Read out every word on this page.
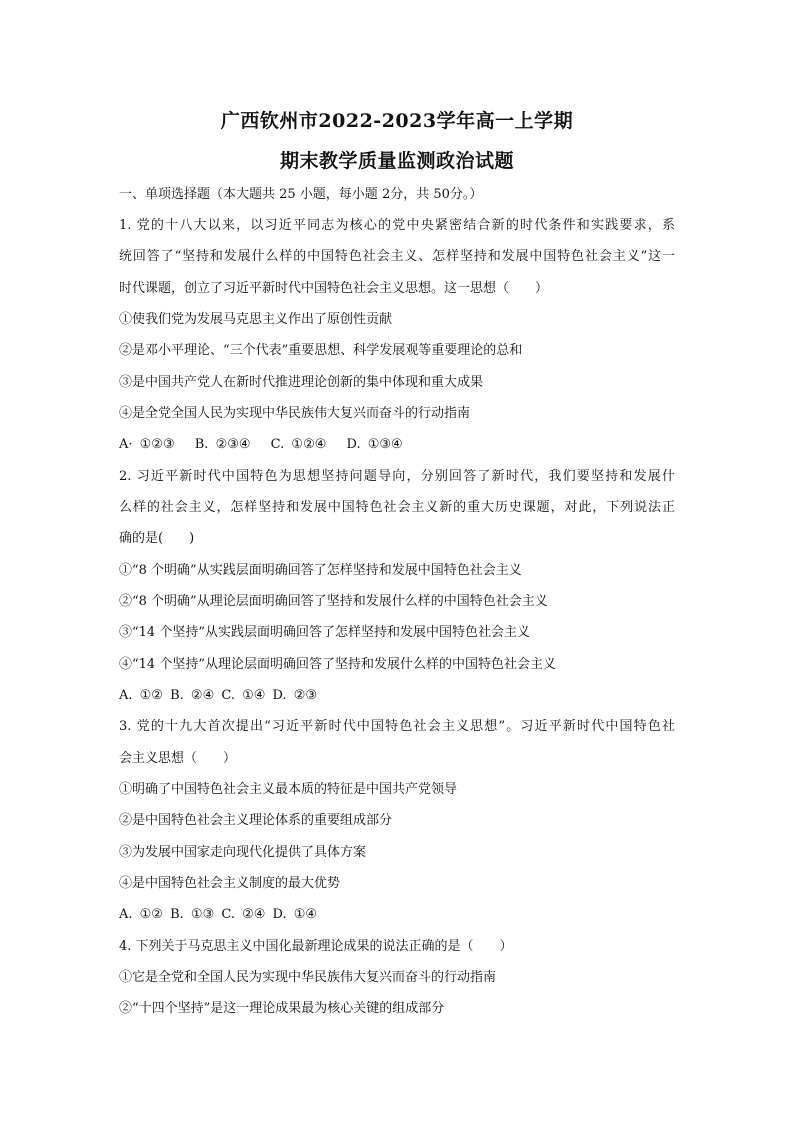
广西钦州市2022-2023学年高一上学期
期末教学质量监测政治试题
一、单项选择题（本大题共 25 小题，每小题 2分，共 50分。）
1. 党的十八大以来，以习近平同志为核心的党中央紧密结合新的时代条件和实践要求，系
统回答了“坚持和发展什么样的中国特色社会主义、怎样坚持和发展中国特色社会主义”这一
时代课题，创立了习近平新时代中国特色社会主义思想。这一思想（　　）
①使我们党为发展马克思主义作出了原创性贡献
②是邓小平理论、“三个代表”重要思想、科学发展观等重要理论的总和
③是中国共产党人在新时代推进理论创新的集中体现和重大成果
④是全党全国人民为实现中华民族伟大复兴而奋斗的行动指南
A· ①②③　 B. ②③④　 C. ①②④　 D. ①③④
2. 习近平新时代中国特色为思想坚持问题导向，分别回答了新时代，我们要坚持和发展什
么样的社会主义，怎样坚持和发展中国特色社会主义新的重大历史课题，对此，下列说法正
确的是(　　)
①“8 个明确”从实践层面明确回答了怎样坚持和发展中国特色社会主义
②“8 个明确”从理论层面明确回答了坚持和发展什么样的中国特色社会主义
③“14 个坚持”从实践层面明确回答了怎样坚持和发展中国特色社会主义
④“14 个坚持”从理论层面明确回答了坚持和发展什么样的中国特色社会主义
A. ①② B. ②④ C. ①④ D. ②③
3. 党的十九大首次提出“习近平新时代中国特色社会主义思想”。习近平新时代中国特色社
会主义思想（　　）
①明确了中国特色社会主义最本质的特征是中国共产党领导
②是中国特色社会主义理论体系的重要组成部分
③为发展中国家走向现代化提供了具体方案
④是中国特色社会主义制度的最大优势
A. ①② B. ①③ C. ②④ D. ①④
4. 下列关于马克思主义中国化最新理论成果的说法正确的是（　　）
①它是全党和全国人民为实现中华民族伟大复兴而奋斗的行动指南
②“十四个坚持”是这一理论成果最为核心关键的组成部分
